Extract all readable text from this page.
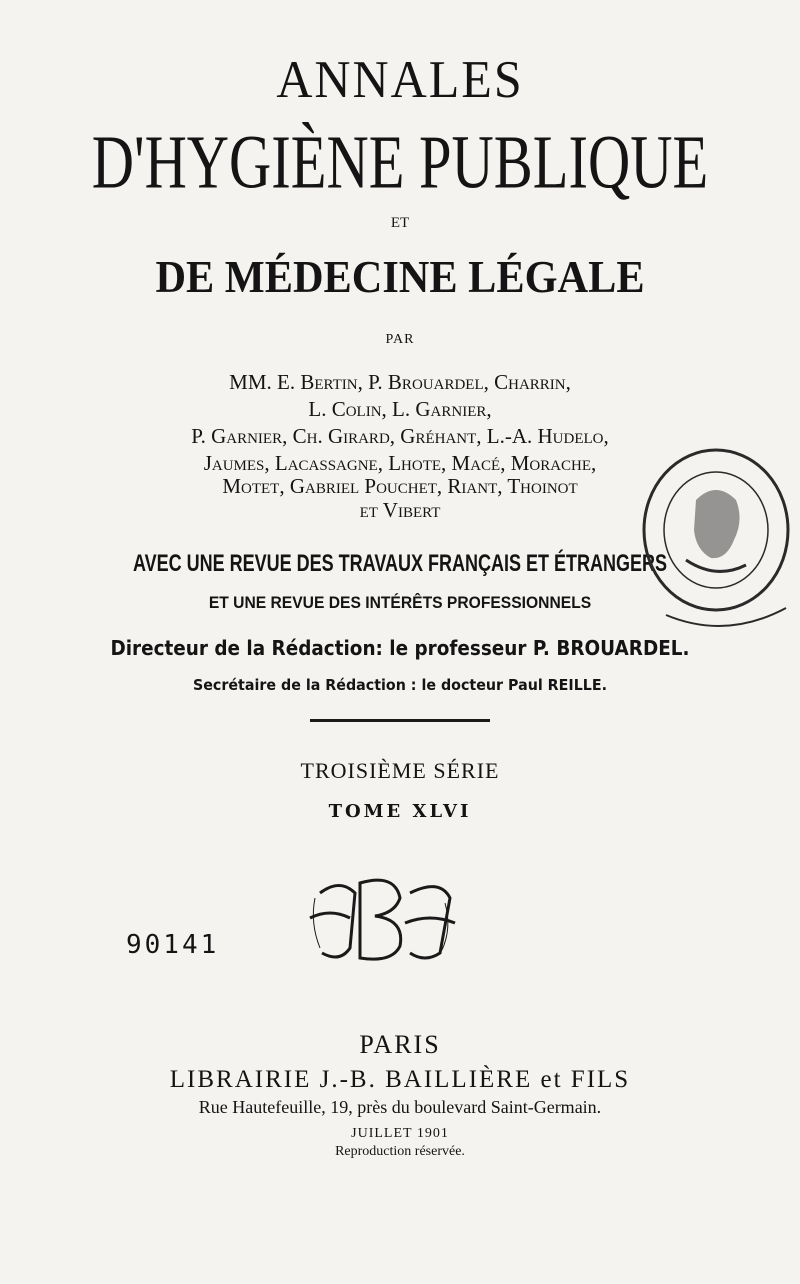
ANNALES
D'HYGIÈNE PUBLIQUE
ET
DE MÉDECINE LÉGALE
PAR
MM. E. Bertin, P. Brouardel, Charrin,
L. Colin, L. Garnier,
P. Garnier, Ch. Girard, Gréhant, L.-A. Hudelo,
Jaumes, Lacassagne, Lhote, Macé, Morache,
Motet, Gabriel Pouchet, Riant, Thoinot
et Vibert
AVEC UNE REVUE DES TRAVAUX FRANÇAIS ET ÉTRANGERS
ET UNE REVUE DES INTÉRÊTS PROFESSIONNELS
Directeur de la Rédaction: le professeur P. BROUARDEL.
Secrétaire de la Rédaction : le docteur Paul REILLE.
TROISIÈME SÉRIE
TOME XLVI
90141
PARIS
LIBRAIRIE J.-B. BAILLIÈRE et FILS
Rue Hautefeuille, 19, près du boulevard Saint-Germain.
JUILLET 1901
Reproduction réservée.
